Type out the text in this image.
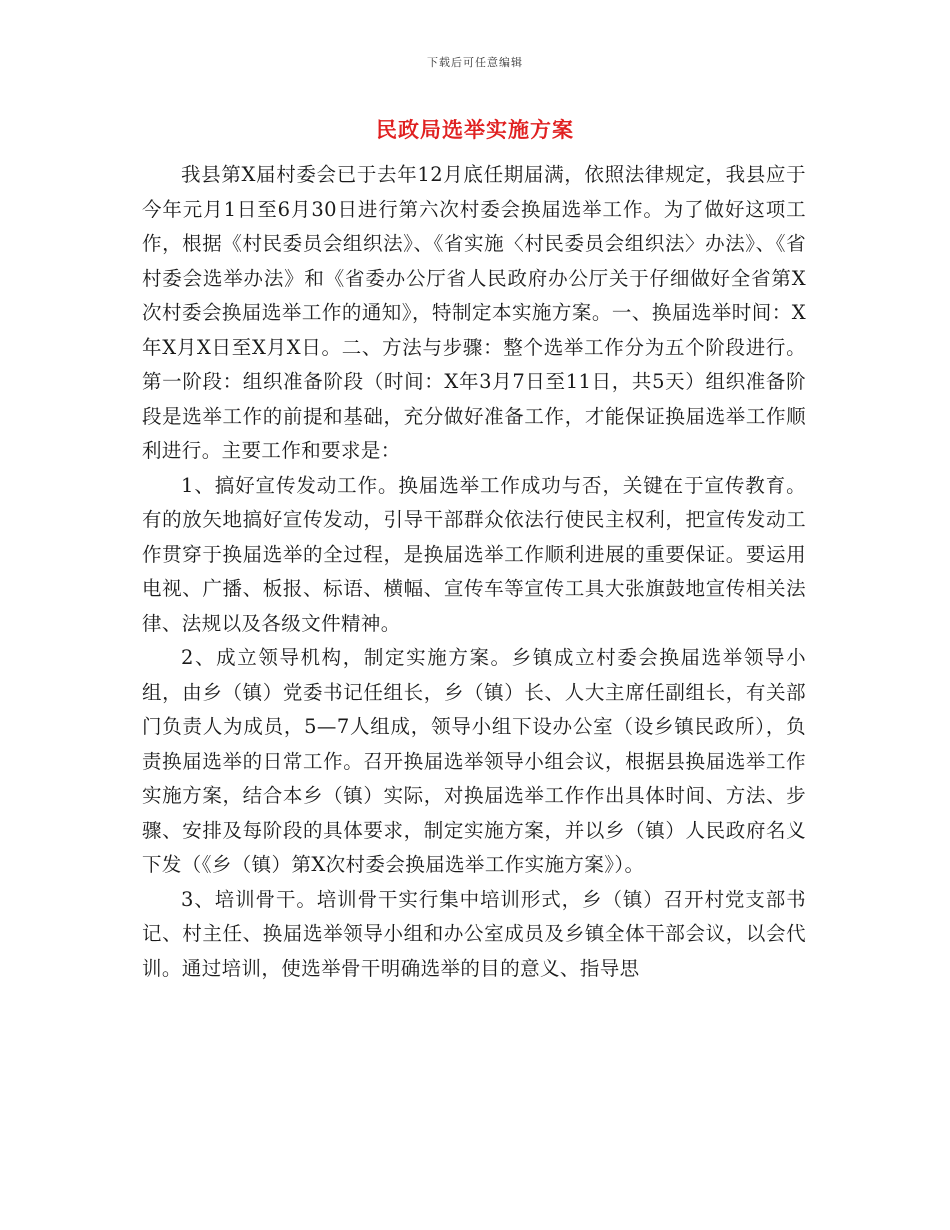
下载后可任意编辑
民政局选举实施方案

我县第X届村委会已于去年12月底任期届满，依照法律规定，我县应于今年元月1日至6月30日进行第六次村委会换届选举工作。为了做好这项工作，根据《村民委员会组织法》、《省实施〈村民委员会组织法〉办法》、《省村委会选举办法》和《省委办公厅省人民政府办公厅关于仔细做好全省第X次村委会换届选举工作的通知》，特制定本实施方案。一、换届选举时间：X年X月X日至X月X日。二、方法与步骤：整个选举工作分为五个阶段进行。第一阶段：组织准备阶段（时间：X年3月7日至11日，共5天）组织准备阶段是选举工作的前提和基础，充分做好准备工作，才能保证换届选举工作顺利进行。主要工作和要求是：

1、搞好宣传发动工作。换届选举工作成功与否，关键在于宣传教育。有的放矢地搞好宣传发动，引导干部群众依法行使民主权利，把宣传发动工作贯穿于换届选举的全过程，是换届选举工作顺利进展的重要保证。要运用电视、广播、板报、标语、横幅、宣传车等宣传工具大张旗鼓地宣传相关法律、法规以及各级文件精神。

2、成立领导机构，制定实施方案。乡镇成立村委会换届选举领导小组，由乡（镇）党委书记任组长，乡（镇）长、人大主席任副组长，有关部门负责人为成员，5—7人组成，领导小组下设办公室（设乡镇民政所），负责换届选举的日常工作。召开换届选举领导小组会议，根据县换届选举工作实施方案，结合本乡（镇）实际，对换届选举工作作出具体时间、方法、步骤、安排及每阶段的具体要求，制定实施方案，并以乡（镇）人民政府名义下发（《乡（镇）第X次村委会换届选举工作实施方案》）。

3、培训骨干。培训骨干实行集中培训形式，乡（镇）召开村党支部书记、村主任、换届选举领导小组和办公室成员及乡镇全体干部会议，以会代训。通过培训，使选举骨干明确选举的目的意义、指导思
